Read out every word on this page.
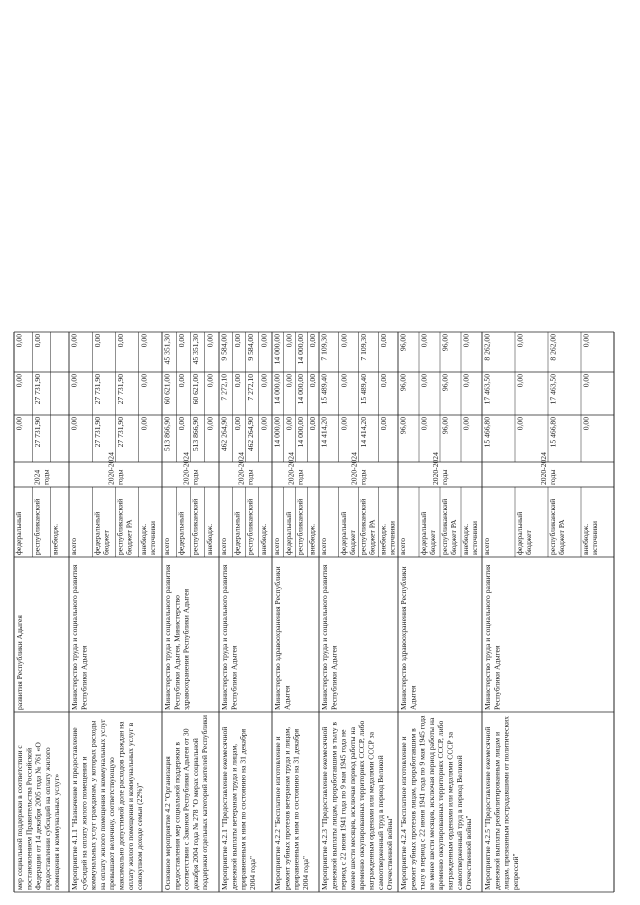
мер социальной поддержки в соответствии с постановлением Правительства Российской Федерации от 14 декабря 2005 года № 761 «О предоставлении субсидий на оплату жилого помещения и коммунальных услуг»
развития Республики Адыгея
федеральный
0,00
0,00
0,00
республиканский
27 731,90
27 731,90
0,00
внебюдж.
2024 годы
Мероприятие 4.1.1 "Назначение и предоставление субсидий на оплату жилого помещения и коммунальных услуг гражданам, у которых расходы на оплату жилого помещения и коммунальных услуг превышают величину, соответствующую максимально допустимой доле расходов граждан на оплату жилого помещения и коммунальных услуг в совокупном доходе семьи (22%)"
Министерство труда и социального развития Республики Адыгея
всего
0,00
0,00
0,00
федеральный бюджет
27 731,90
27 731,90
0,00
республиканский бюджет РА
27 731,90
27 731,90
0,00
внебюдж. источники
0,00
0,00
0,00
2020-2024 годы
Основное мероприятие 4.2 "Организация предоставления мер социальной поддержки в соответствии с Законом Республики Адыгея от 30 декабря 2004 года № 278 "О мерах социальной поддержки отдельных категорий жителей Республики
Министерство труда и социального развития Республики Адыгея, Министерство здравоохранения Республики Адыгея
всего
513 866,90
60 621,00
45 351,30
федеральный
0,00
0,00
0,00
республиканский
513 866,90
60 621,00
45 351,30
внебюдж.
0,00
0,00
0,00
2020-2024 годы
Мероприятие 4.2.1 "Предоставление ежемесячной денежной выплаты ветеранам труда и лицам, приравненным к ним по состоянию на 31 декабря 2004 года"
Министерство труда и социального развития Республики Адыгея
всего
462 264,90
7 272,10
9 584,00
федеральный
0,00
0,00
0,00
республиканский
462 264,90
7 272,10
9 584,00
внебюдж.
0,00
0,00
0,00
2020-2024 годы
Мероприятие 4.2.2 "Бесплатное изготовление и ремонт зубных протезов ветеранам труда и лицам, приравненным к ним по состоянию на 31 декабря 2004 года"
Министерство здравоохранения Республики Адыгея
всего
14 000,00
14 000,00
14 000,00
федеральный
0,00
0,00
0,00
республиканский
14 000,00
14 000,00
14 000,00
внебюдж.
0,00
0,00
0,00
2020-2024 годы
Мероприятие 4.2.3 "Предоставление ежемесячной денежной выплаты лицам, проработавшим в тылу в период с 22 июня 1941 года по 9 мая 1945 года не менее шести месяцев, исключая период работы на временно оккупированных территориях СССР, либо награжденным орденами или медалями СССР за самоотверженный труд в период Великой Отечественной войны"
Министерство труда и социального развития Республики Адыгея
всего
14 414,20
15 489,40
7 109,30
федеральный бюджет
0,00
0,00
0,00
республиканский бюджет РА
14 414,20
15 489,40
7 109,30
внебюдж. источники
0,00
0,00
0,00
2020-2024 годы
Мероприятие 4.2.4 "Бесплатное изготовление и ремонт зубных протезов лицам, проработавшим в тылу в период с 22 июня 1941 года по 9 мая 1945 года не менее шести месяцев, исключая период работы на временно оккупированных территориях СССР, либо награжденным орденами или медалями СССР за самоотверженный труд в период Великой Отечественной войны"
Министерство здравоохранения Республики Адыгея
всего
96,00
96,00
96,00
федеральный бюджет
0,00
0,00
0,00
республиканский бюджет РА
96,00
96,00
96,00
внебюдж. источники
0,00
0,00
0,00
2020-2024 годы
Мероприятие 4.2.5 "Предоставление ежемесячной денежной выплаты реабилитированным лицам и лицам, признанным пострадавшими от политических репрессий"
Министерство труда и социального развития Республики Адыгея
всего
15 466,80
17 463,50
8 262,00
федеральный бюджет
0,00
0,00
0,00
республиканский бюджет РА
15 466,80
17 463,50
8 262,00
внебюдж. источники
0,00
0,00
0,00
2020-2024 годы
